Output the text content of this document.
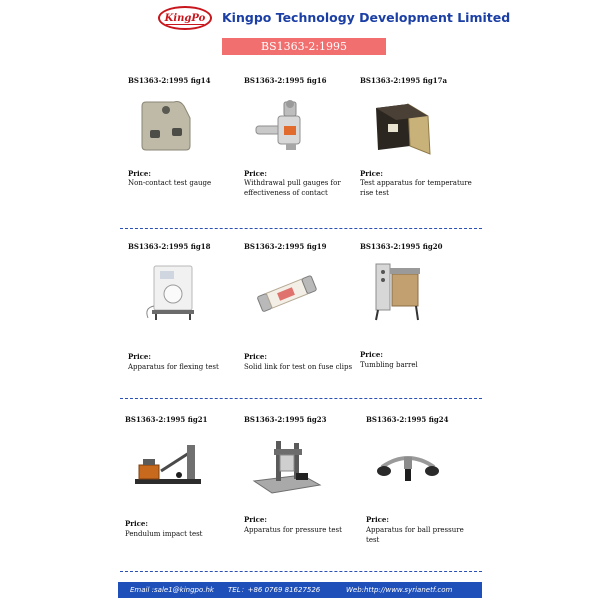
KingPo Kingpo Technology Development Limited
BS1363-2:1995
BS1363-2:1995 fig14
Price:
Non-contact test gauge
BS1363-2:1995 fig16
Price:
Withdrawal pull gauges for effectiveness of contact
BS1363-2:1995 fig17a
Price:
Test apparatus for temperature rise test
BS1363-2:1995 fig18
Price:
Apparatus for flexing test
BS1363-2:1995 fig19
Price:
Solid link for test on fuse clips
BS1363-2:1995 fig20
Price:
Tumbling barrel
BS1363-2:1995 fig21
Price:
Pendulum impact test
BS1363-2:1995 fig23
Price:
Apparatus for pressure test
BS1363-2:1995 fig24
Price:
Apparatus for ball pressure test
Email :sale1@kingpo.hk TEL：+86 0769 81627526	Web:http://www.syrianetf.com
